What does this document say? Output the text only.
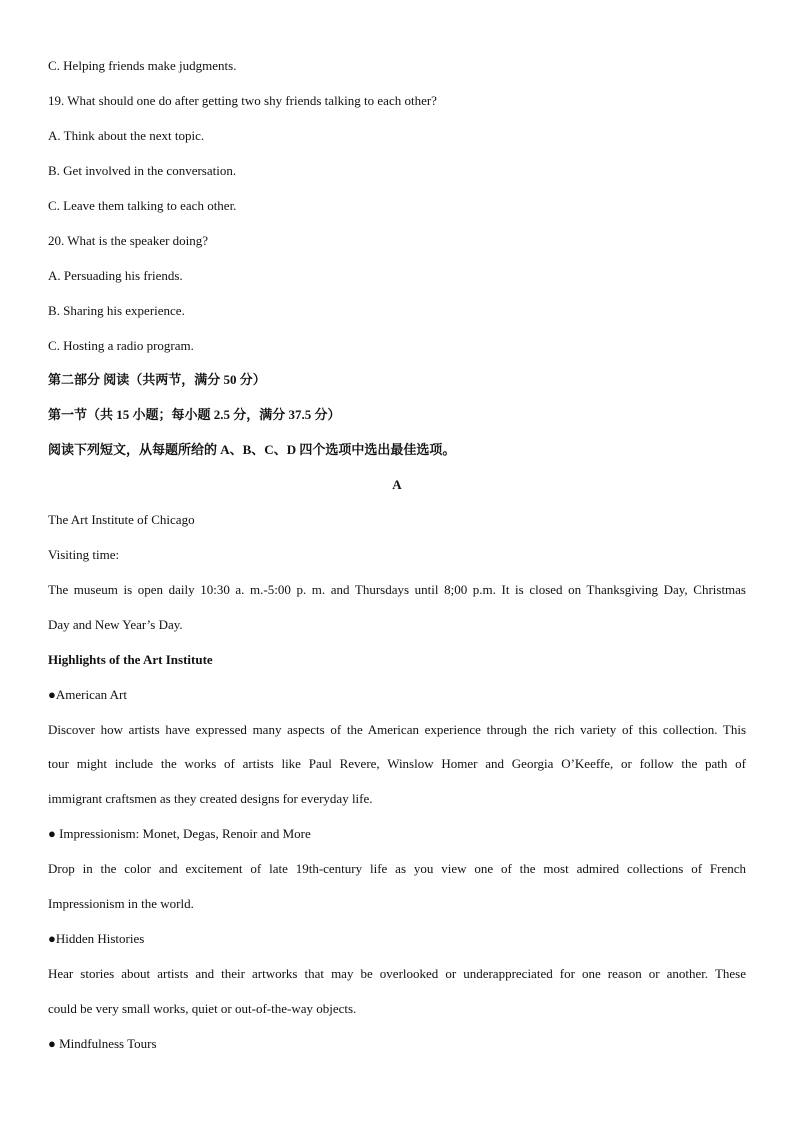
C. Helping friends make judgments.
19. What should one do after getting two shy friends talking to each other?
A. Think about the next topic.
B. Get involved in the conversation.
C. Leave them talking to each other.
20. What is the speaker doing?
A. Persuading his friends.
B. Sharing his experience.
C. Hosting a radio program.
第二部分 阅读（共两节，满分 50 分）
第一节（共 15 小题；每小题 2.5 分，满分 37.5 分）
阅读下列短文，从每题所给的 A、B、C、D 四个选项中选出最佳选项。
A
The Art Institute of Chicago
Visiting time:
The museum is open daily 10:30 a. m.-5:00 p. m. and Thursdays until 8;00 p.m. It is closed on Thanksgiving Day, Christmas
Day and New Year’s Day.
Highlights of the Art Institute
●American Art
Discover how artists have expressed many aspects of the American experience through the rich variety of this collection. This
tour might include the works of artists like Paul Revere, Winslow Homer and Georgia O’Keeffe, or follow the path of
immigrant craftsmen as they created designs for everyday life.
● Impressionism: Monet, Degas, Renoir and More
Drop in the color and excitement of late 19th-century life as you view one of the most admired collections of French
Impressionism in the world.
●Hidden Histories
Hear stories about artists and their artworks that may be overlooked or underappreciated for one reason or another. These
could be very small works, quiet or out-of-the-way objects.
● Mindfulness Tours
